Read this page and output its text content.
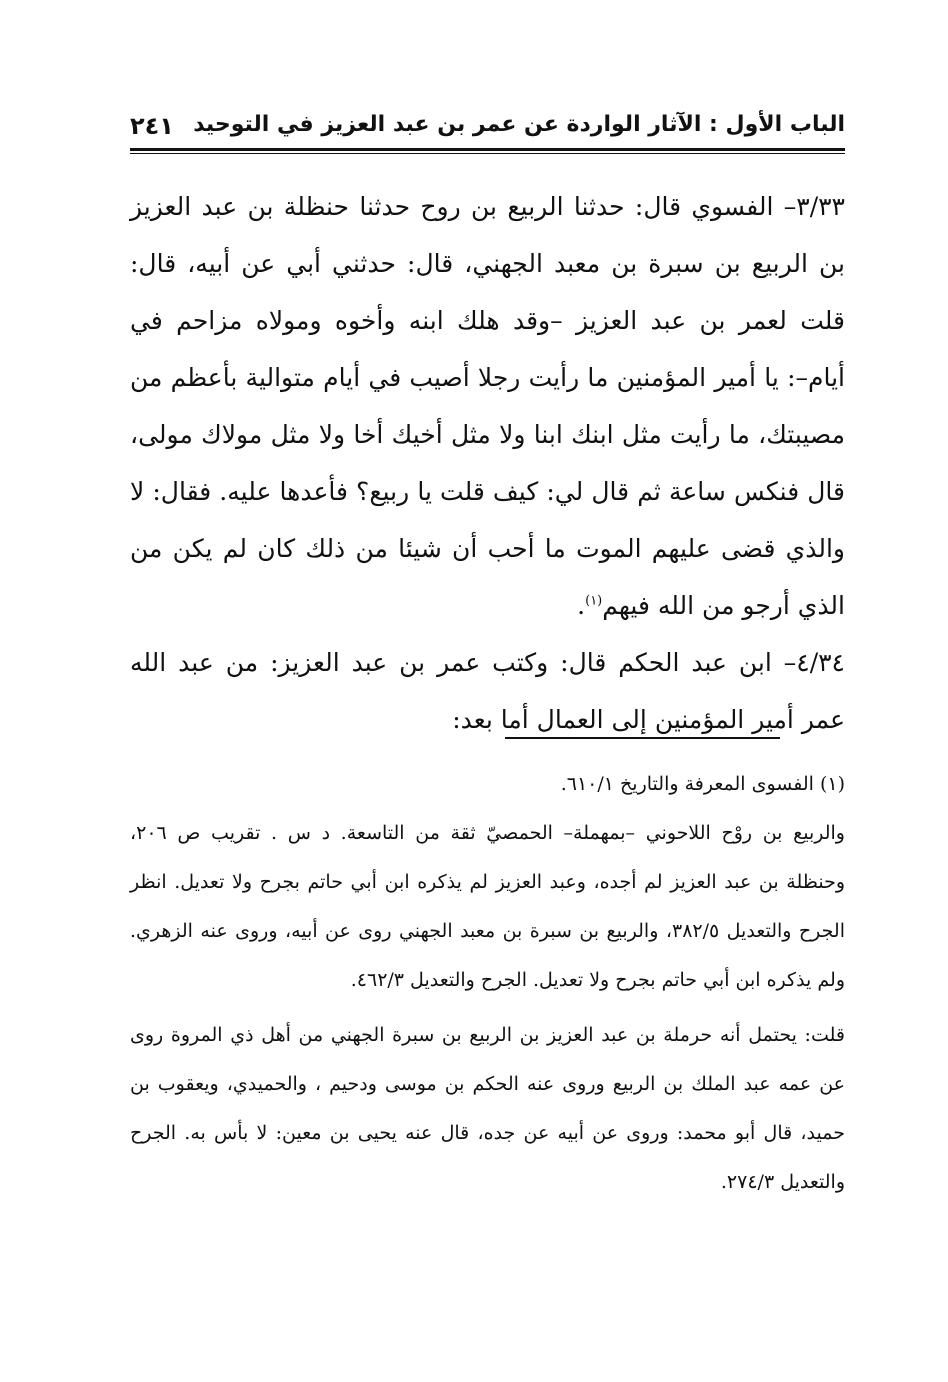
الباب الأول : الآثار الواردة عن عمر بن عبد العزيز في التوحيد
٢٤١

٣/٣٣– الفسوي قال: حدثنا الربيع بن روح حدثنا حنظلة بن عبد العزيز بن الربيع بن سبرة بن معبد الجهني، قال: حدثني أبي عن أبيه، قال: قلت لعمر بن عبد العزيز –وقد هلك ابنه وأخوه ومولاه مزاحم في أيام–: يا أمير المؤمنين ما رأيت رجلا أصيب في أيام متوالية بأعظم من مصيبتك، ما رأيت مثل ابنك ابنا ولا مثل أخيك أخا ولا مثل مولاك مولى، قال فنكس ساعة ثم قال لي: كيف قلت يا ربيع؟ فأعدها عليه. فقال: لا والذي قضى عليهم الموت ما أحب أن شيئا من ذلك كان لم يكن من الذي أرجو من الله فيهم$^{(١)}$.

٤/٣٤– ابن عبد الحكم قال: وكتب عمر بن عبد العزيز: من عبد الله عمر أمير المؤمنين إلى العمال أما بعد:

(١) الفسوى المعرفة والتاريخ ٦١٠/١.

والربيع بن روْح اللاحوني –بمهملة– الحمصيّ ثقة من التاسعة. د س . تقريب ص ٢٠٦، وحنظلة بن عبد العزيز لم أجده، وعبد العزيز لم يذكره ابن أبي حاتم بجرح ولا تعديل. انظر الجرح والتعديل ٣٨٢/٥، والربيع بن سبرة بن معبد الجهني روى عن أبيه، وروى عنه الزهري. ولم يذكره ابن أبي حاتم بجرح ولا تعديل. الجرح والتعديل ٤٦٢/٣.

قلت: يحتمل أنه حرملة بن عبد العزيز بن الربيع بن سبرة الجهني من أهل ذي المروة روى عن عمه عبد الملك بن الربيع وروى عنه الحكم بن موسى ودحيم ، والحميدي، ويعقوب بن حميد، قال أبو محمد: وروى عن أبيه عن جده، قال عنه يحيى بن معين: لا بأس به. الجرح والتعديل ٢٧٤/٣.
